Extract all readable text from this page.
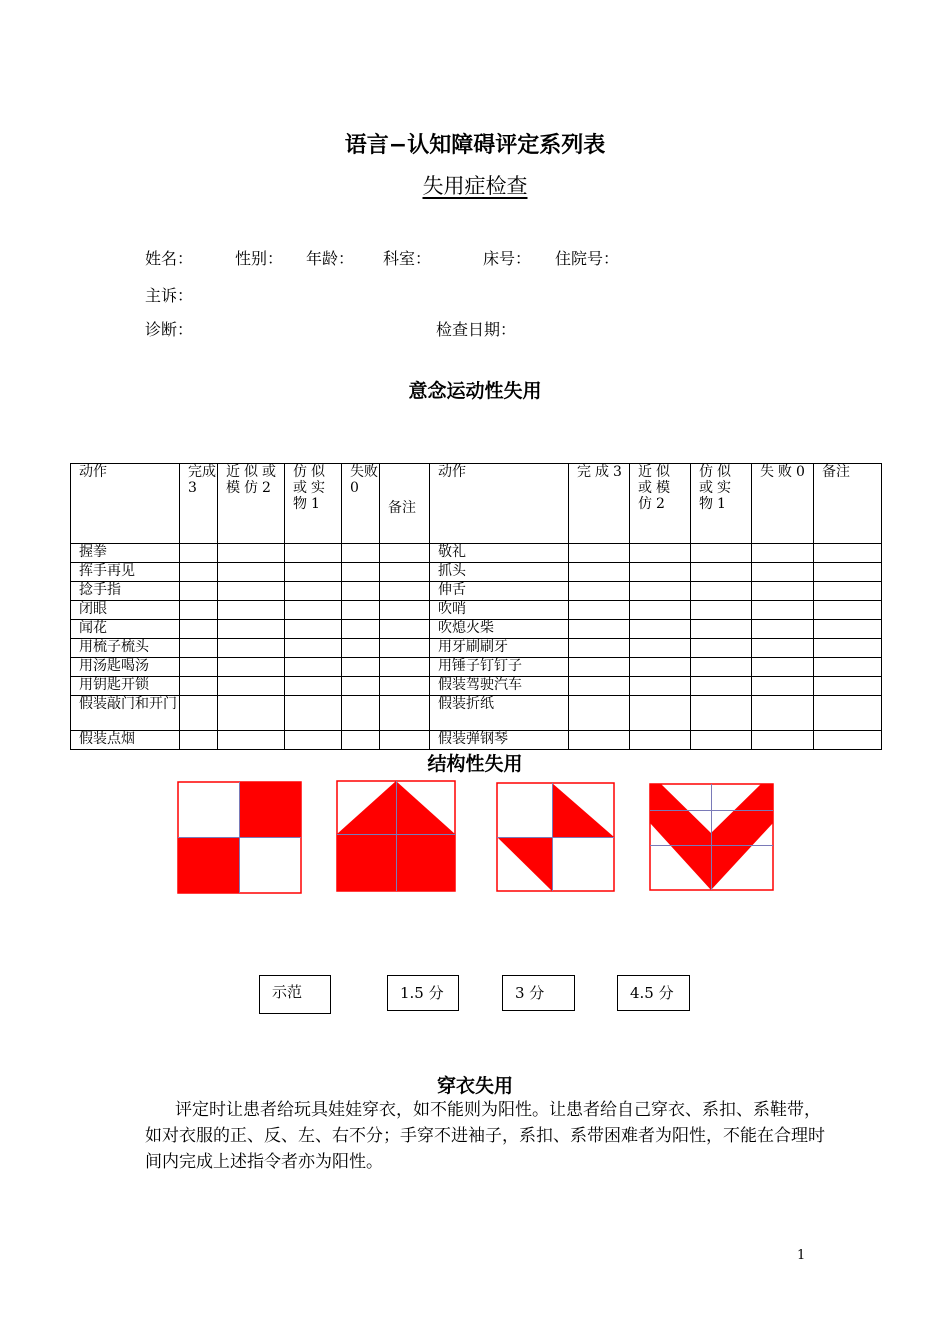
语言−认知障碍评定系列表
失用症检查
姓名：	性别： 年龄： 科室：	床号： 住院号：
主诉：
诊断：	检查日期：
意念运动性失用
动作	完成3	近似或模仿2	仿似或实物1	失败0	备注	动作	完成3	近似或模仿2	仿似或实物1	失败0	备注
握拳						敬礼					
挥手再见						抓头					
捻手指						伸舌					
闭眼						吹哨					
闻花						吹熄火柴					
用梳子梳头						用牙刷刷牙					
用汤匙喝汤						用锤子钉钉子					
用钥匙开锁						假装驾驶汽车					
假装敲门和开门						假装折纸					
假装点烟						假装弹钢琴					
结构性失用
示范	1.5 分	3 分	4.5 分
穿衣失用
评定时让患者给玩具娃娃穿衣，如不能则为阳性。让患者给自己穿衣、系扣、系鞋带，如对衣服的正、反、左、右不分；手穿不进袖子，系扣、系带困难者为阳性，不能在合理时间内完成上述指令者亦为阳性。
1
